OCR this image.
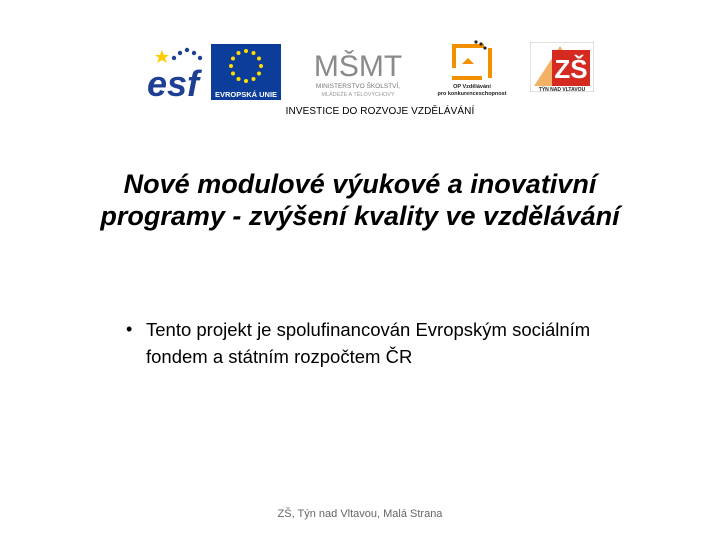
esf	EVROPSKÁ UNIE
MŠMT
MINISTERSTVO ŠKOLSTVÍ,
MLÁDEŽE A TĚLOVÝCHOVY
OP Vzdělávání
pro konkurenceschopnost
ZŠ
TÝN NAD VLTAVOU
INVESTICE DO ROZVOJE VZDĚLÁVÁNÍ
Nové modulové výukové a inovativní programy - zvýšení kvality ve vzdělávání
• Tento projekt je spolufinancován Evropským sociálním fondem a státním rozpočtem ČR
ZŠ, Týn nad Vltavou, Malá Strana
